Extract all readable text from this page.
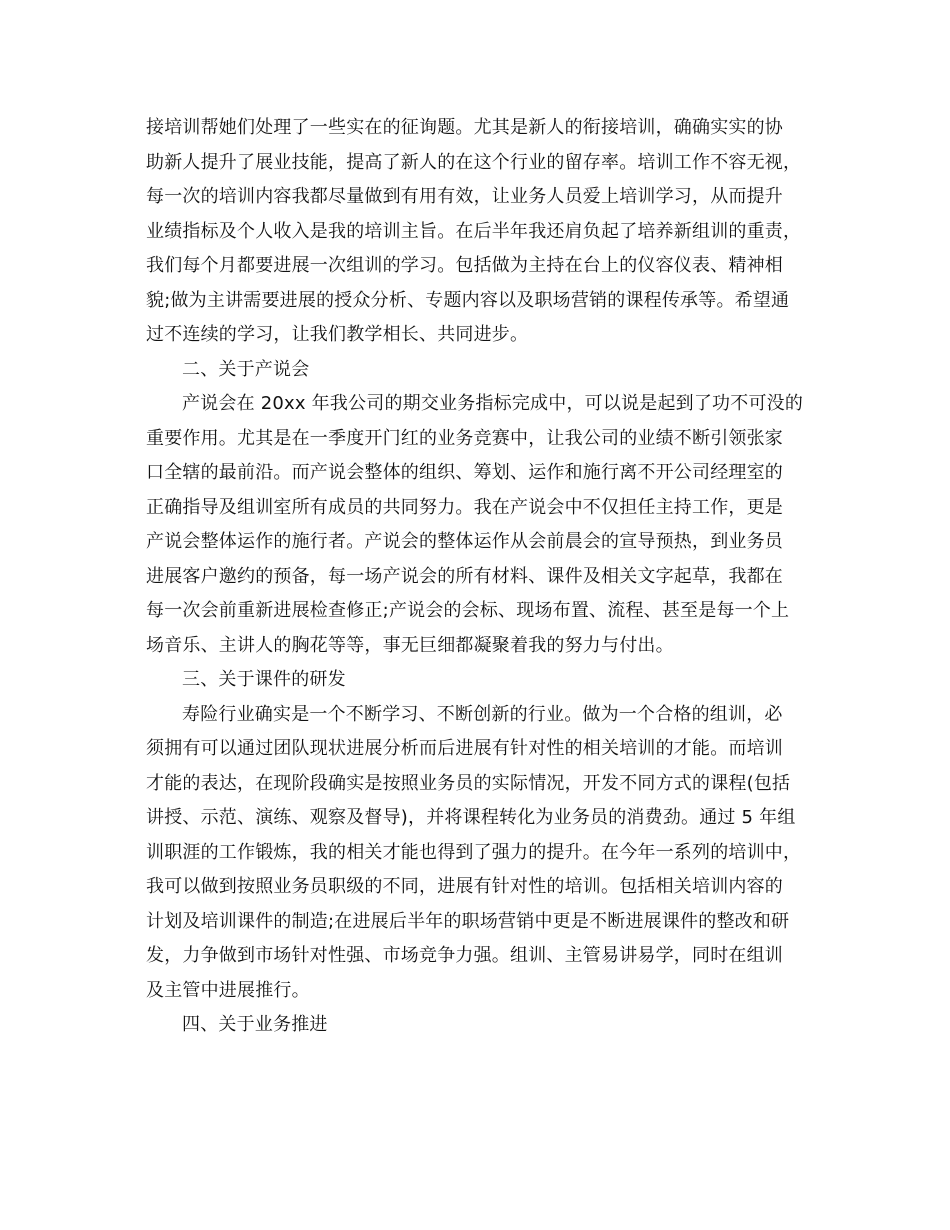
接培训帮她们处理了一些实在的征询题。尤其是新人的衔接培训，确确实实的协
助新人提升了展业技能，提高了新人的在这个行业的留存率。培训工作不容无视，
每一次的培训内容我都尽量做到有用有效，让业务人员爱上培训学习，从而提升
业绩指标及个人收入是我的培训主旨。在后半年我还肩负起了培养新组训的重责，
我们每个月都要进展一次组训的学习。包括做为主持在台上的仪容仪表、精神相
貌;做为主讲需要进展的授众分析、专题内容以及职场营销的课程传承等。希望通
过不连续的学习，让我们教学相长、共同进步。
二、关于产说会
产说会在 20xx 年我公司的期交业务指标完成中，可以说是起到了功不可没的
重要作用。尤其是在一季度开门红的业务竞赛中，让我公司的业绩不断引领张家
口全辖的最前沿。而产说会整体的组织、筹划、运作和施行离不开公司经理室的
正确指导及组训室所有成员的共同努力。我在产说会中不仅担任主持工作，更是
产说会整体运作的施行者。产说会的整体运作从会前晨会的宣导预热，到业务员
进展客户邀约的预备，每一场产说会的所有材料、课件及相关文字起草，我都在
每一次会前重新进展检查修正;产说会的会标、现场布置、流程、甚至是每一个上
场音乐、主讲人的胸花等等，事无巨细都凝聚着我的努力与付出。
三、关于课件的研发
寿险行业确实是一个不断学习、不断创新的行业。做为一个合格的组训，必
须拥有可以通过团队现状进展分析而后进展有针对性的相关培训的才能。而培训
才能的表达，在现阶段确实是按照业务员的实际情况，开发不同方式的课程(包括
讲授、示范、演练、观察及督导)，并将课程转化为业务员的消费劲。通过 5 年组
训职涯的工作锻炼，我的相关才能也得到了强力的提升。在今年一系列的培训中，
我可以做到按照业务员职级的不同，进展有针对性的培训。包括相关培训内容的
计划及培训课件的制造;在进展后半年的职场营销中更是不断进展课件的整改和研
发，力争做到市场针对性强、市场竞争力强。组训、主管易讲易学，同时在组训
及主管中进展推行。
四、关于业务推进
